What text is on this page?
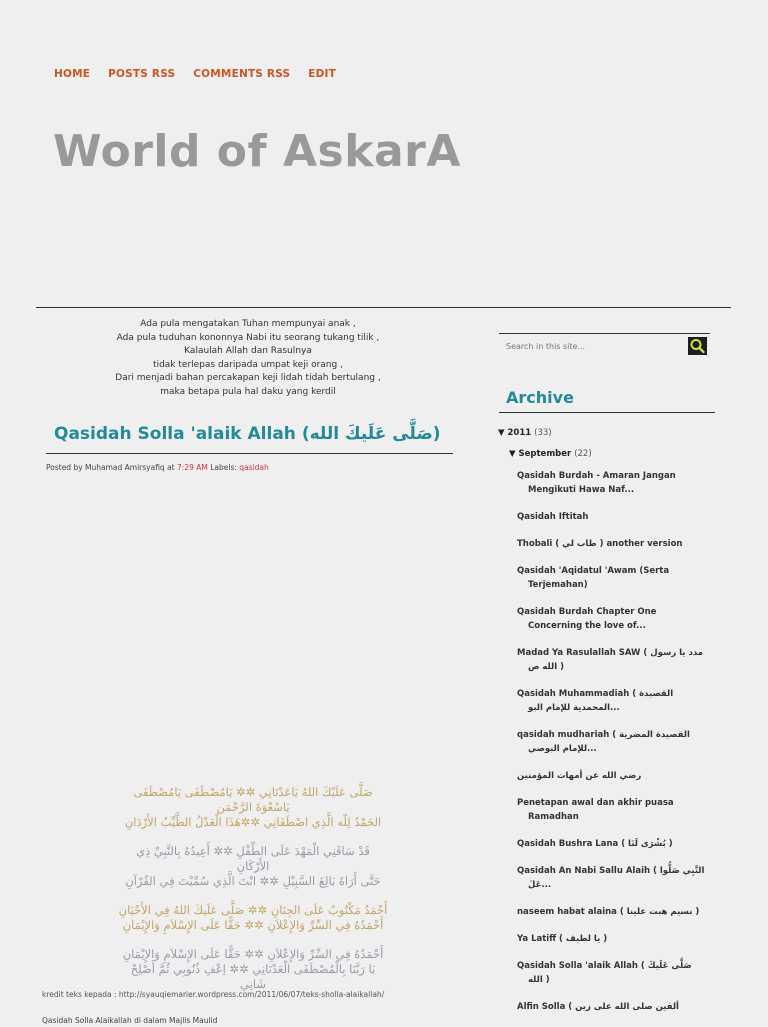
HOME POSTS RSS COMMENTS RSS EDIT
World of AskarA
Ada pula mengatakan Tuhan mempunyai anak ,
Ada pula tuduhan kononnya Nabi itu seorang tukang tilik ,
Kalaulah Allah dan Rasulnya
tidak terlepas daripada umpat keji orang ,
Dari menjadi bahan percakapan keji lidah tidah bertulang ,
maka betapa pula hal daku yang kerdil
Qasidah Solla 'alaik Allah (صَلَّى عَلَيكَ الله)
Posted by Muhamad Amirsyafiq at 7:29 AM Labels: qasidah
صَلَّى عَلَيْكَ اللهُ يَاعَدْنَانِي ✲✲ يَامُصْطَفَى يَامُصْطَفَى يَاسُعْوَةَ الرَّحْمَن
الحَمْدُ لِلّه الَّذِي اصْطَفَانِي ✲✲هَذَا الْعَدْلُ الطَّيِّبُ الأَرْدَانِ
قَدْ سَاقَنِي الْمَهْدَ عَلَى الطِّفْلِ ✲✲ أَعِيدُهُ بِالنَّبِيِّ ذِي الأَرْكَانِ
حَتَّى أَرَاهُ بَالِغَ السَّبِيْلِ ✲✲ انْتَ الَّذِي سُمِّيْتَ فِي القُرْآنِ
أَحْمَدُ مَكْتُوبٌ عَلَى الجِنَانِ ✲✲ صَلَّى عَلَيكَ اللهُ فِي الأَحْيَانِ
أَحْمَدُهُ فِي السِّرِّ وَالإِعْلاَنِ ✲✲ حَقًّا عَلَى الإِسْلاَمِ وَالإِيْمَانِ
أَحْمَدُهُ فِي السِّرِّ وَالإِعْلاَنِ ✲✲ حَقًّا عَلَى الإِسْلاَمِ وَالإِيْمَانِ
يَا رَبَّنَا بِالْمُصْطَفَى الْعَدْنَانِي ✲✲ اِعْفِ ذُنُوبِي ثُمَّ أَصْلِحْ شَانِي
kredit teks kepada : http://syauqiemarier.wordpress.com/2011/06/07/teks-sholla-alaikallah/
Qasidah Solla Alaikallah di dalam Majlis Maulid
Search in this site...
Archive
▼ 2011 (33)
▼ September (22)
Qasidah Burdah - Amaran Jangan Mengikuti Hawa Naf...
Qasidah Iftitah
Thobali ( طاب لي ) another version
Qasidah 'Aqidatul 'Awam (Serta Terjemahan)
Qasidah Burdah Chapter One Concerning the love of...
Madad Ya Rasulallah SAW ( مدد يا رسول الله ص )
Qasidah Muhammadiah ( القصيدة المحمدية للإمام البو...
qasidah mudhariah ( القصيدة المضرية للإمام البوصي...
رضي الله عن أمهات المؤمنين
Penetapan awal dan akhir puasa Ramadhan
Qasidah Bushra Lana ( بُشْرَى لَنَا )
Qasidah An Nabi Sallu Alaih ( النَّبِي صَلُّوا عَلَ...
naseem habat alaina ( نسيم هبت علينا )
Ya Latiff ( يا لطيف )
Qasidah Solla 'alaik Allah ( صَلَّى عَلَيكَ الله )
Alfin Solla ( ألفين صلى الله على زين
